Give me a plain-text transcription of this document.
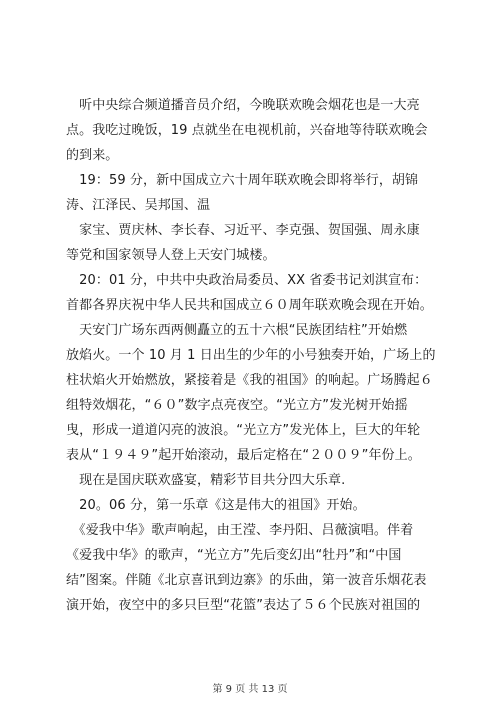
　听中央综合频道播音员介绍，今晚联欢晚会烟花也是一大亮
点。我吃过晚饭，19 点就坐在电视机前，兴奋地等待联欢晚会
的到来。

　19：59 分，新中国成立六十周年联欢晚会即将举行，胡锦
涛、江泽民、吴邦国、温

　家宝、贾庆林、李长春、习近平、李克强、贺国强、周永康
等党和国家领导人登上天安门城楼。

　20：01 分，中共中央政治局委员、XX 省委书记刘淇宣布：
首都各界庆祝中华人民共和国成立６０周年联欢晚会现在开始。

　天安门广场东西两侧矗立的五十六根“民族团结柱”开始燃
放焰火。一个 10 月 1 日出生的少年的小号独奏开始，广场上的
柱状焰火开始燃放，紧接着是《我的祖国》的响起。广场腾起６
组特效烟花，“６０”数字点亮夜空。“光立方”发光树开始摇
曳，形成一道道闪亮的波浪。“光立方”发光体上，巨大的年轮
表从“１９４９”起开始滚动，最后定格在“２００９”年份上。

　现在是国庆联欢盛宴，精彩节目共分四大乐章.

　20。06 分，第一乐章《这是伟大的祖国》开始。

　《爱我中华》歌声响起，由王滢、李丹阳、吕薇演唱。伴着
《爱我中华》的歌声，“光立方”先后变幻出“牡丹”和“中国
结”图案。伴随《北京喜讯到边寨》的乐曲，第一波音乐烟花表
演开始，夜空中的多只巨型“花篮”表达了５６个民族对祖国的

第 9 页 共 13 页
